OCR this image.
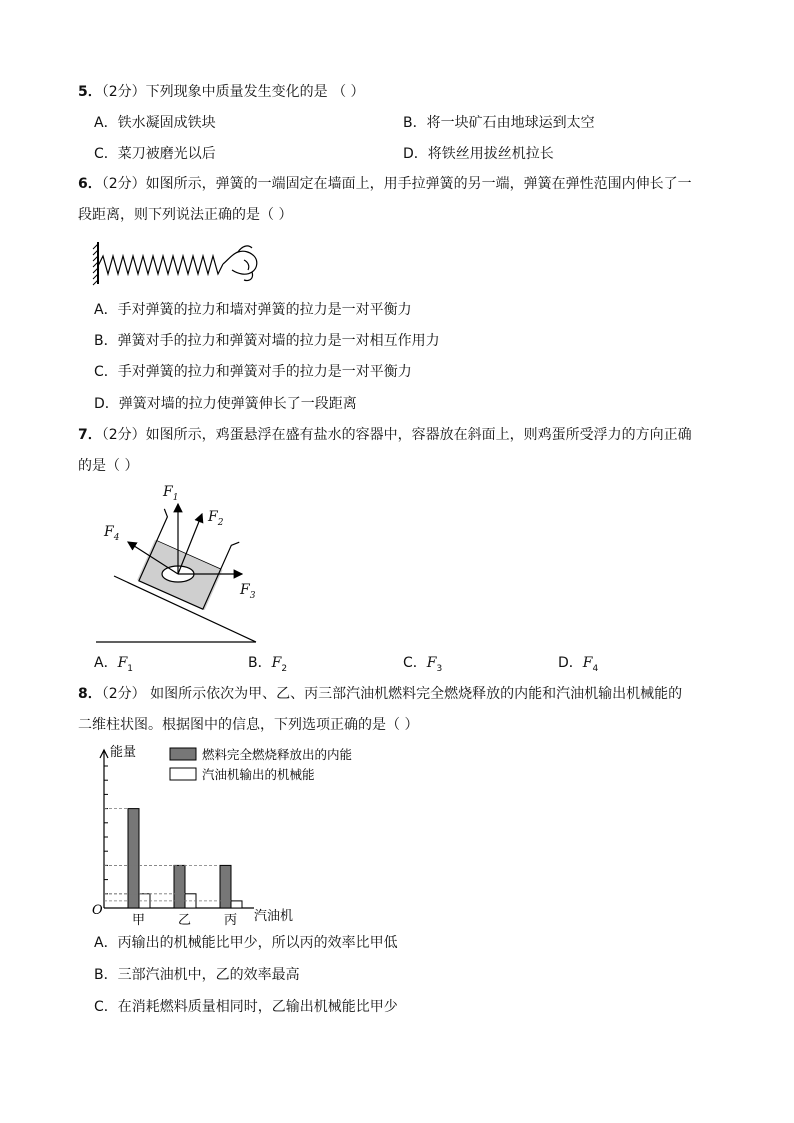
5．（2分）下列现象中质量发生变化的是 （ ）
A．铁水凝固成铁块	B．将一块矿石由地球运到太空
C．菜刀被磨光以后	D．将铁丝用拔丝机拉长
6．（2分）如图所示，弹簧的一端固定在墙面上，用手拉弹簧的另一端，弹簧在弹性范围内伸长了一
段距离，则下列说法正确的是（ ）
A．手对弹簧的拉力和墙对弹簧的拉力是一对平衡力
B．弹簧对手的拉力和弹簧对墙的拉力是一对相互作用力
C．手对弹簧的拉力和弹簧对手的拉力是一对平衡力
D．弹簧对墙的拉力使弹簧伸长了一段距离
7．（2分）如图所示，鸡蛋悬浮在盛有盐水的容器中，容器放在斜面上，则鸡蛋所受浮力的方向正确
的是（ ）
$F_1$
$F_2$
$F_3$
$F_4$
A．$F_1$	B．$F_2$	C．$F_3$	D．$F_4$
8．（2分） 如图所示依次为甲、乙、丙三部汽油机燃料完全燃烧释放的内能和汽油机输出机械能的
二维柱状图。根据图中的信息，下列选项正确的是（ ）
能量
O	汽油机
燃料完全燃烧释放出的内能
汽油机输出的机械能
甲	乙	丙
A．丙输出的机械能比甲少，所以丙的效率比甲低
B．三部汽油机中，乙的效率最高
C．在消耗燃料质量相同时，乙输出机械能比甲少
